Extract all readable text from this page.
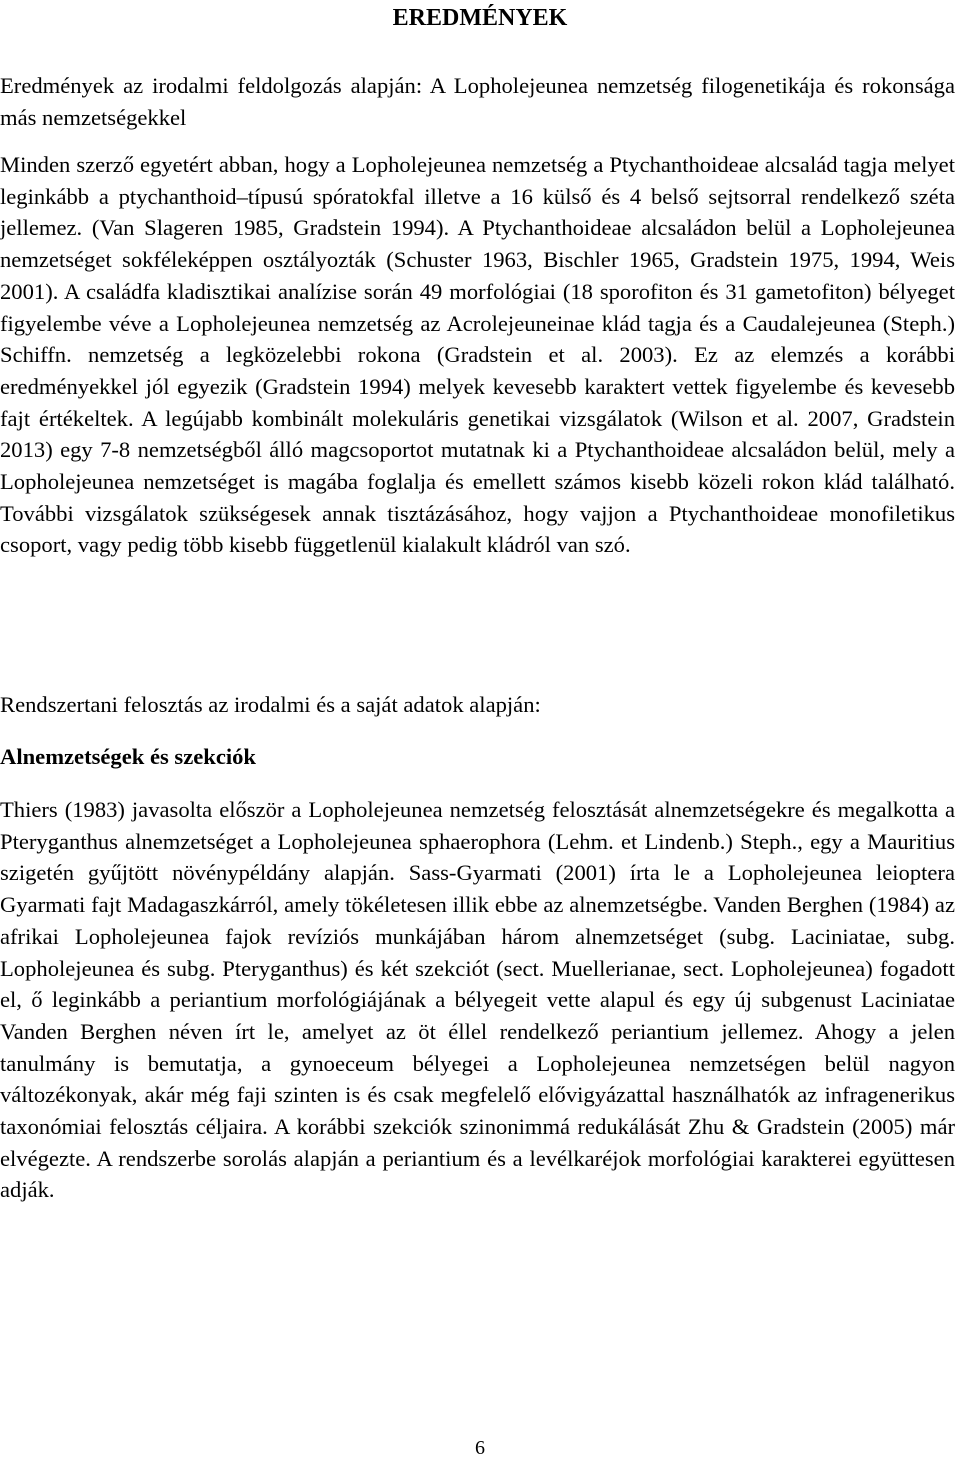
EREDMÉNYEK
Eredmények az irodalmi feldolgozás alapján: A Lopholejeunea nemzetség filogenetikája és rokonsága más nemzetségekkel
Minden szerző egyetért abban, hogy a Lopholejeunea nemzetség a Ptychanthoideae alcsalád tagja melyet leginkább a ptychanthoid–típusú spóratokfal illetve a 16 külső és 4 belső sejtsorral rendelkező széta jellemez. (Van Slageren 1985, Gradstein 1994). A Ptychanthoideae alcsaládon belül a Lopholejeunea nemzetséget sokféleképpen osztályozták (Schuster 1963, Bischler 1965, Gradstein 1975, 1994, Weis 2001). A családfa kladisztikai analízise során 49 morfológiai (18 sporofiton és 31 gametofiton) bélyeget figyelembe véve a Lopholejeunea nemzetség az Acrolejeuneinae klád tagja és a Caudalejeunea (Steph.) Schiffn. nemzetség a legközelebbi rokona (Gradstein et al. 2003). Ez az elemzés a korábbi eredményekkel jól egyezik (Gradstein 1994) melyek kevesebb karaktert vettek figyelembe és kevesebb fajt értékeltek. A legújabb kombinált molekuláris genetikai vizsgálatok (Wilson et al. 2007, Gradstein 2013) egy 7-8 nemzetségből álló magcsoportot mutatnak ki a Ptychanthoideae alcsaládon belül, mely a Lopholejeunea nemzetséget is magába foglalja és emellett számos kisebb közeli rokon klád található. További vizsgálatok szükségesek annak tisztázásához, hogy vajjon a Ptychanthoideae monofiletikus csoport, vagy pedig több kisebb függetlenül kialakult kládról van szó.
Rendszertani felosztás az irodalmi és a saját adatok alapján:
Alnemzetségek és szekciók
Thiers (1983) javasolta először a Lopholejeunea nemzetség felosztását alnemzetségekre és megalkotta a Pteryganthus alnemzetséget a Lopholejeunea sphaerophora (Lehm. et Lindenb.) Steph., egy a Mauritius szigetén gyűjtött növénypéldány alapján. Sass-Gyarmati (2001) írta le a Lopholejeunea leioptera Gyarmati fajt Madagaszkárról, amely tökéletesen illik ebbe az alnemzetségbe. Vanden Berghen (1984) az afrikai Lopholejeunea fajok revíziós munkájában három alnemzetséget (subg. Laciniatae, subg. Lopholejeunea és subg. Pteryganthus) és két szekciót (sect. Muellerianae, sect. Lopholejeunea) fogadott el, ő leginkább a periantium morfológiájának a bélyegeit vette alapul és egy új subgenust Laciniatae Vanden Berghen néven írt le, amelyet az öt éllel rendelkező periantium jellemez. Ahogy a jelen tanulmány is bemutatja, a gynoeceum bélyegei a Lopholejeunea nemzetségen belül nagyon változékonyak, akár még faji szinten is és csak megfelelő elővigyázattal használhatók az infragenerikus taxonómiai felosztás céljaira. A korábbi szekciók szinonimmá redukálását Zhu & Gradstein (2005) már elvégezte. A rendszerbe sorolás alapján a periantium és a levélkaréjok morfológiai karakterei együttesen adják.
6
